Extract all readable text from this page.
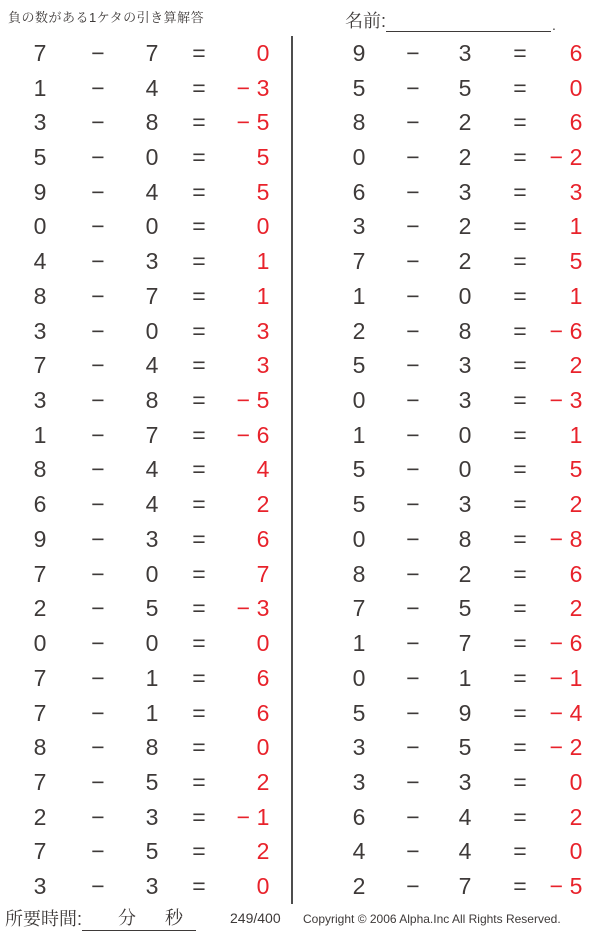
負の数がある1ケタの引き算解答	名前:	.
7	−	7	=	0
1	−	4	=	− 3
3	−	8	=	− 5
5	−	0	=	5
9	−	4	=	5
0	−	0	=	0
4	−	3	=	1
8	−	7	=	1
3	−	0	=	3
7	−	4	=	3
3	−	8	=	− 5
1	−	7	=	− 6
8	−	4	=	4
6	−	4	=	2
9	−	3	=	6
7	−	0	=	7
2	−	5	=	− 3
0	−	0	=	0
7	−	1	=	6
7	−	1	=	6
8	−	8	=	0
7	−	5	=	2
2	−	3	=	− 1
7	−	5	=	2
3	−	3	=	0
9	−	3	=	6
5	−	5	=	0
8	−	2	=	6
0	−	2	= − 2
6	−	3	=	3
3	−	2	=	1
7	−	2	=	5
1	−	0	=	1
2	−	8	= − 6
5	−	3	=	2
0	−	3	= − 3
1	−	0	=	1
5	−	0	=	5
5	−	3	=	2
0	−	8	= − 8
8	−	2	=	6
7	−	5	=	2
1	−	7	= − 6
0	−	1	= − 1
5	−	9	= − 4
3	−	5	= − 2
3	−	3	=	0
6	−	4	=	2
4	−	4	=	0
2	−	7	= − 5
所要時間: 分 秒	249/400 Copyright © 2006 Alpha.Inc All Rights Reserved.
